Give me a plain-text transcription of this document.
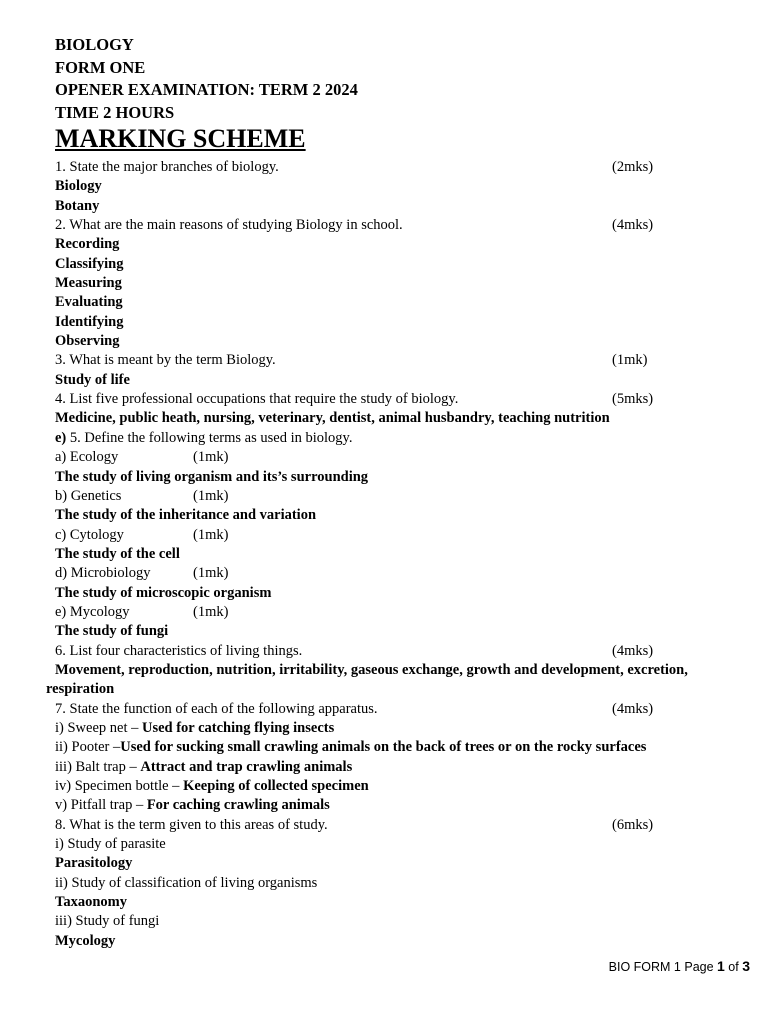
BIOLOGY
FORM ONE
OPENER EXAMINATION: TERM 2 2024
TIME 2 HOURS
MARKING SCHEME
1. State the major branches of biology.	(2mks)
Biology
Botany
2. What are the main reasons of studying Biology in school.	(4mks)
Recording
Classifying
Measuring
Evaluating
Identifying
Observing
3. What is meant by the term Biology.	(1mk)
Study of life
4. List five professional occupations that require the study of biology.	(5mks)
Medicine, public heath, nursing, veterinary, dentist, animal husbandry, teaching nutrition
e) 5. Define the following terms as used in biology.
a) Ecology	(1mk)
The study of living organism and its’s surrounding
b) Genetics	(1mk)
The study of the inheritance and variation
c) Cytology	(1mk)
The study of the cell
d) Microbiology	(1mk)
The study of microscopic organism
e) Mycology	(1mk)
The study of fungi
6. List four characteristics of living things.	(4mks)
Movement, reproduction, nutrition, irritability, gaseous exchange, growth and development, excretion,
respiration
7. State the function of each of the following apparatus.	(4mks)
i) Sweep net – Used for catching flying insects
ii) Pooter –Used for sucking small crawling animals on the back of trees or on the rocky surfaces
iii) Balt trap – Attract and trap crawling animals
iv) Specimen bottle – Keeping of collected specimen
v) Pitfall trap – For caching crawling animals
8. What is the term given to this areas of study.	(6mks)
i) Study of parasite
Parasitology
ii) Study of classification of living organisms
Taxaonomy
iii) Study of fungi
Mycology
BIO FORM 1 Page 1 of 3
